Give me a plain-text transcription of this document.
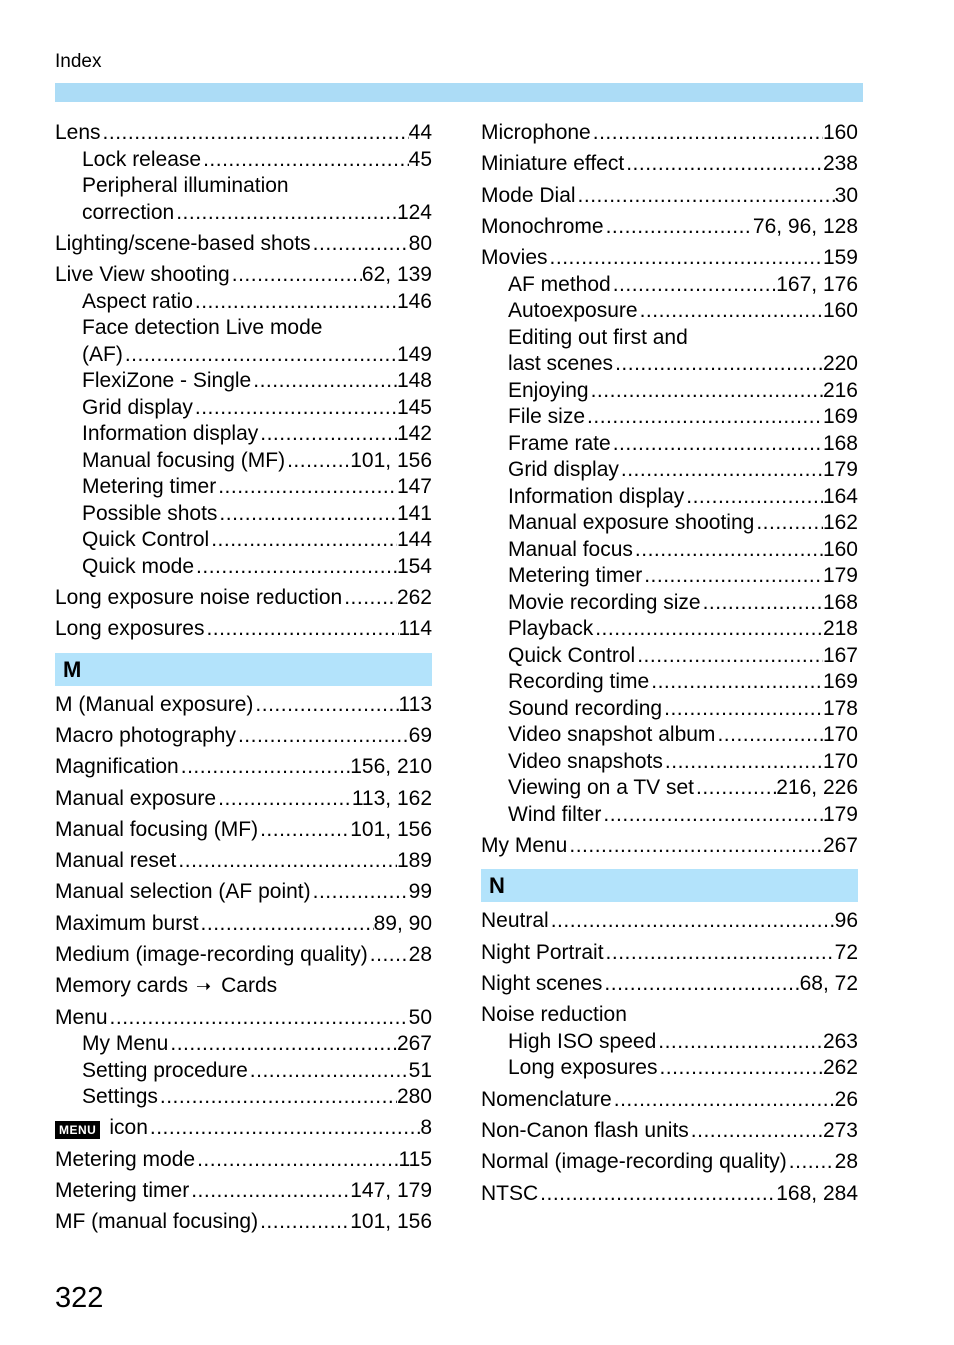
Index
Lens .....	44
Lock release .....	45
Peripheral illumination
correction .....	124
Lighting/scene-based shots .....	80
Live View shooting .....	62, 139
Aspect ratio .....	146
Face detection Live mode
(AF) .....	149
FlexiZone - Single .....	148
Grid display .....	145
Information display .....	142
Manual focusing (MF) .....	101, 156
Metering timer .....	147
Possible shots .....	141
Quick Control .....	144
Quick mode .....	154
Long exposure noise reduction .....	262
Long exposures .....	114
M
M (Manual exposure) .....	113
Macro photography .....	69
Magnification .....	156, 210
Manual exposure .....	113, 162
Manual focusing (MF) .....	101, 156
Manual reset .....	189
Manual selection (AF point) .....	99
Maximum burst .....	89, 90
Medium (image-recording quality) ..... 28
Memory cards ➝ Cards
Menu .....	50
My Menu .....	267
Setting procedure .....	51
Settings .....	280
MENU icon .....	8
Metering mode .....	115
Metering timer .....	147, 179
MF (manual focusing) .....	101, 156
Microphone .....	160
Miniature effect .....	238
Mode Dial .....	30
Monochrome .....	76, 96, 128
Movies .....	159
AF method .....	167, 176
Autoexposure .....	160
Editing out first and
last scenes .....	220
Enjoying .....	216
File size .....	169
Frame rate .....	168
Grid display .....	179
Information display .....	164
Manual exposure shooting .....	162
Manual focus .....	160
Metering timer .....	179
Movie recording size .....	168
Playback .....	218
Quick Control .....	167
Recording time .....	169
Sound recording .....	178
Video snapshot album .....	170
Video snapshots .....	170
Viewing on a TV set .....	216, 226
Wind filter .....	179
My Menu .....	267
N
Neutral .....	96
Night Portrait .....	72
Night scenes .....	68, 72
Noise reduction
High ISO speed .....	263
Long exposures .....	262
Nomenclature .....	26
Non-Canon flash units .....	273
Normal (image-recording quality) ..... 28
NTSC .....	168, 284
322
